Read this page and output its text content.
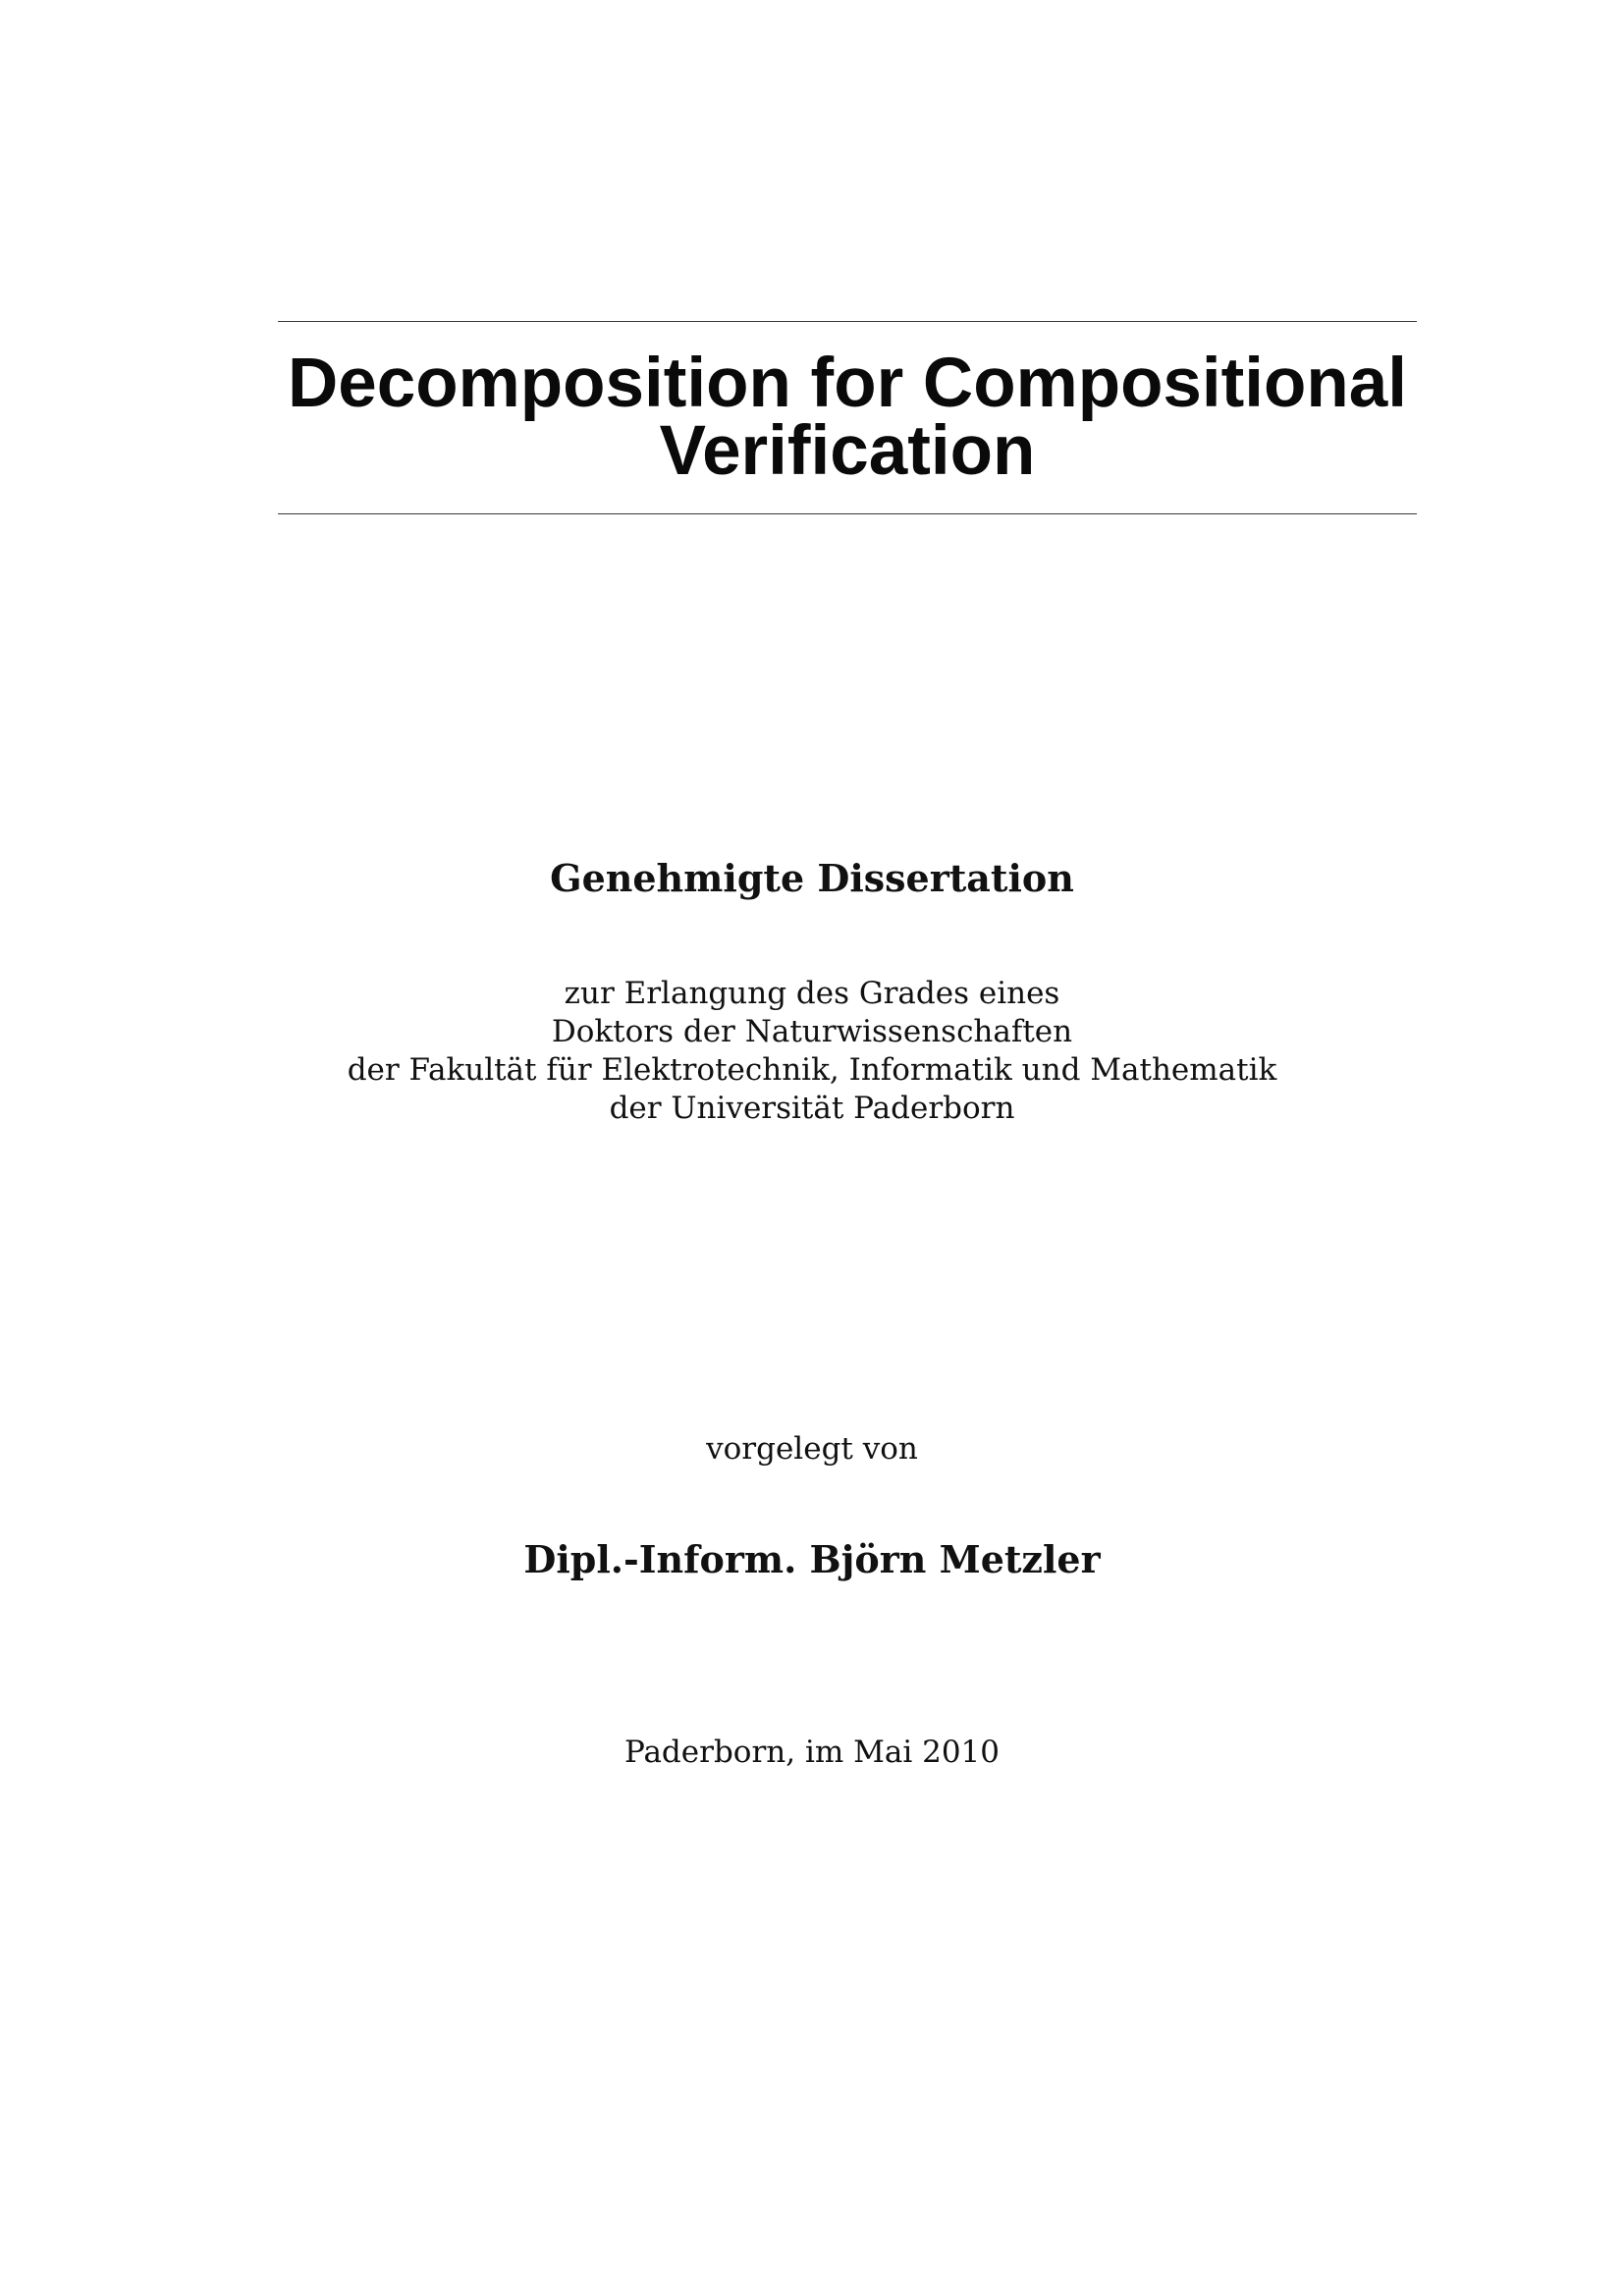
Decomposition for Compositional
Verification

Genehmigte Dissertation

zur Erlangung des Grades eines
Doktors der Naturwissenschaften
der Fakultät für Elektrotechnik, Informatik und Mathematik
der Universität Paderborn

vorgelegt von

Dipl.-Inform. Björn Metzler

Paderborn, im Mai 2010
